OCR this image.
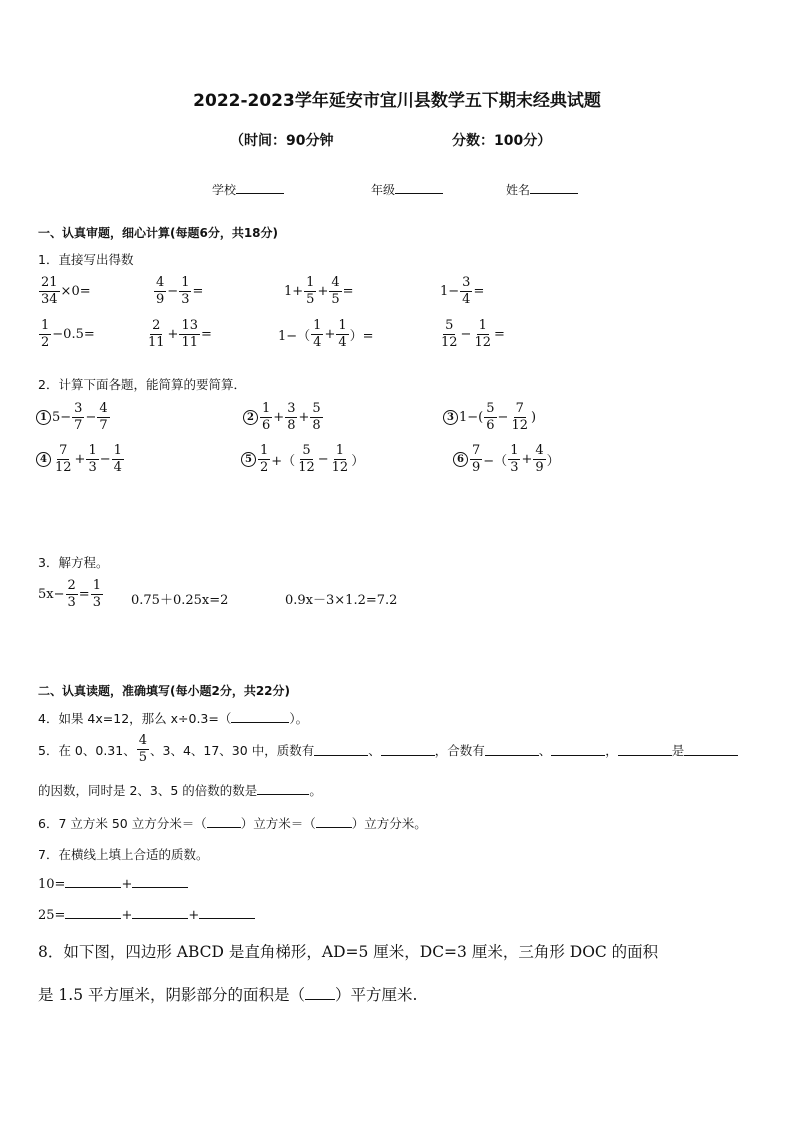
2022-2023学年延安市宜川县数学五下期末经典试题
（时间：90分钟	分数：100分）
学校	年级	姓名
一、认真审题，细心计算(每题6分，共18分)
1．直接写出得数
$\frac{21}{34} \times 0=$	$\frac{4}{9} - \frac{1}{3}$ =	$1+ \frac{1}{5} + \frac{4}{5}$ =	$1- \frac{3}{4}$ =
$\frac{1}{2} -0.5=$	$\frac{2}{11} + \frac{13}{11}$ =	$1-( \frac{1}{4} + \frac{1}{4}$ ）=	$\frac{5}{12} - \frac{1}{12}$ =
2．计算下面各题，能简算的要简算．
1 $5- \frac{3}{7} - \frac{4}{7}$	$2 \frac{1}{6} + \frac{3}{8} + \frac{5}{8}$	3 $1-( \frac{5}{6} - \frac{7}{12}$ )
$4 \frac{7}{12} + \frac{1}{3} - \frac{1}{4}$	$5 \frac{1}{2}$ +（ $\frac{5}{12} - \frac{1}{12}$ ）	$6 \frac{7}{9}$ −（ $\frac{1}{3} + \frac{4}{9}$ ）
3．解方程。
$5x- \frac{2}{3} = \frac{1}{3} 0.75+0.25x=2$	0.9x－3×1.2=7.2
二、认真读题，准确填写(每小题2分，共22分)
4．如果 4x=12，那么 x÷0.3=（	）。
5．在 0、0.31、 $\frac{4}{5}$ 、3、4、17、30 中，质数有	、	，合数有	、	，	是
的因数，同时是 2、3、5 的倍数的数是	。
6．7 立方米 50 立方分米＝（	）立方米＝（	）立方分米。
7．在横线上填上合适的质数。
10=	+
25=	+	+
8．如下图，四边形 ABCD 是直角梯形，AD=5 厘米，DC=3 厘米，三角形 DOC 的面积
是 1.5 平方厘米，阴影部分的面积是（ ）平方厘米.
